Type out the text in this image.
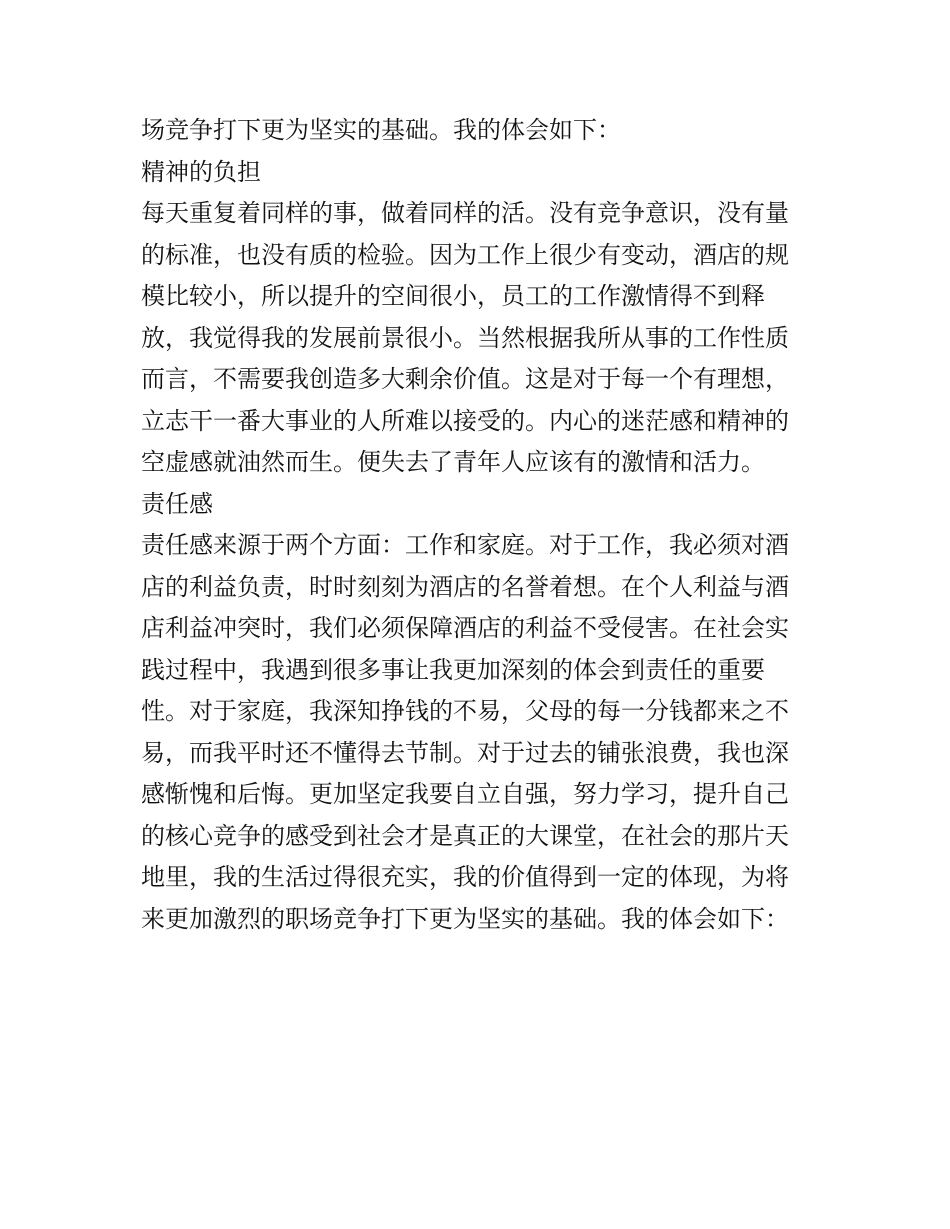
场竞争打下更为坚实的基础。我的体会如下：
精神的负担
每天重复着同样的事，做着同样的活。没有竞争意识，没有量
的标准，也没有质的检验。因为工作上很少有变动，酒店的规
模比较小，所以提升的空间很小，员工的工作激情得不到释
放，我觉得我的发展前景很小。当然根据我所从事的工作性质
而言，不需要我创造多大剩余价值。这是对于每一个有理想，
立志干一番大事业的人所难以接受的。内心的迷茫感和精神的
空虚感就油然而生。便失去了青年人应该有的激情和活力。
责任感
责任感来源于两个方面：工作和家庭。对于工作，我必须对酒
店的利益负责，时时刻刻为酒店的名誉着想。在个人利益与酒
店利益冲突时，我们必须保障酒店的利益不受侵害。在社会实
践过程中，我遇到很多事让我更加深刻的体会到责任的重要
性。对于家庭，我深知挣钱的不易，父母的每一分钱都来之不
易，而我平时还不懂得去节制。对于过去的铺张浪费，我也深
感惭愧和后悔。更加坚定我要自立自强，努力学习，提升自己
的核心竞争的感受到社会才是真正的大课堂，在社会的那片天
地里，我的生活过得很充实，我的价值得到一定的体现，为将
来更加激烈的职场竞争打下更为坚实的基础。我的体会如下：
